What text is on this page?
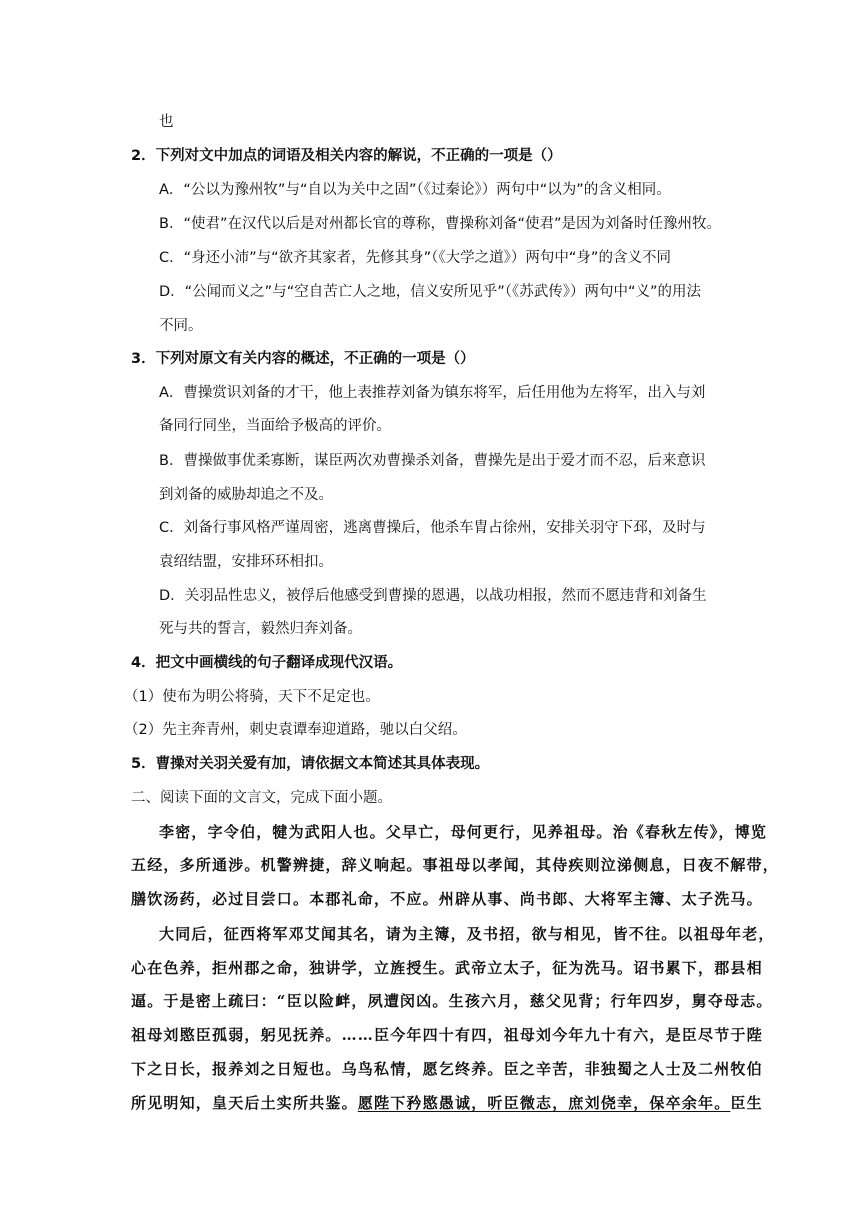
也
2．下列对文中加点的词语及相关内容的解说，不正确的一项是（）
A．“公以为豫州牧”与“自以为关中之固”（《过秦论》）两句中“以为”的含义相同。
B．“使君”在汉代以后是对州都长官的尊称，曹操称刘备“使君”是因为刘备时任豫州牧。
C．“身还小沛”与“欲齐其家者，先修其身”（《大学之道》）两句中“身”的含义不同
D．“公闻而义之”与“空自苦亡人之地，信义安所见乎”（《苏武传》）两句中“义”的用法
不同。
3．下列对原文有关内容的概述，不正确的一项是（）
A．曹操赏识刘备的才干，他上表推荐刘备为镇东将军，后任用他为左将军，出入与刘
备同行同坐，当面给予极高的评价。
B．曹操做事优柔寡断，谋臣两次劝曹操杀刘备，曹操先是出于爱才而不忍，后来意识
到刘备的威胁却追之不及。
C．刘备行事风格严谨周密，逃离曹操后，他杀车胄占徐州，安排关羽守下邳，及时与
袁绍结盟，安排环环相扣。
D．关羽品性忠义，被俘后他感受到曹操的恩遇，以战功相报，然而不愿违背和刘备生
死与共的誓言，毅然归奔刘备。
4．把文中画横线的句子翻译成现代汉语。
（1）使布为明公将骑，天下不足定也。
（2）先主奔青州，刺史袁谭奉迎道路，驰以白父绍。
5．曹操对关羽关爱有加，请依据文本简述其具体表现。
二、阅读下面的文言文，完成下面小题。
李密，字令伯，犍为武阳人也。父早亡，母何更行，见养祖母。治《春秋左传》，博览
五经，多所通涉。机警辨捷，辞义响起。事祖母以孝闻，其侍疾则泣涕侧息，日夜不解带，
膳饮汤药，必过目尝口。本郡礼命，不应。州辟从事、尚书郎、大将军主簿、太子洗马。
大同后，征西将军邓艾闻其名，请为主簿，及书招，欲与相见，皆不往。以祖母年老，
心在色养，拒州郡之命，独讲学，立旌授生。武帝立太子，征为洗马。诏书累下，郡县相
逼。于是密上疏曰：“臣以险衅，夙遭闵凶。生孩六月，慈父见背；行年四岁，舅夺母志。
祖母刘愍臣孤弱，躬见抚养。……臣今年四十有四，祖母刘今年九十有六，是臣尽节于陛
下之日长，报养刘之日短也。乌鸟私情，愿乞终养。臣之辛苦，非独蜀之人士及二州牧伯
所见明知，皇天后土实所共鉴。愿陛下矜愍愚诚，听臣微志，庶刘侥幸，保卒余年。臣生
